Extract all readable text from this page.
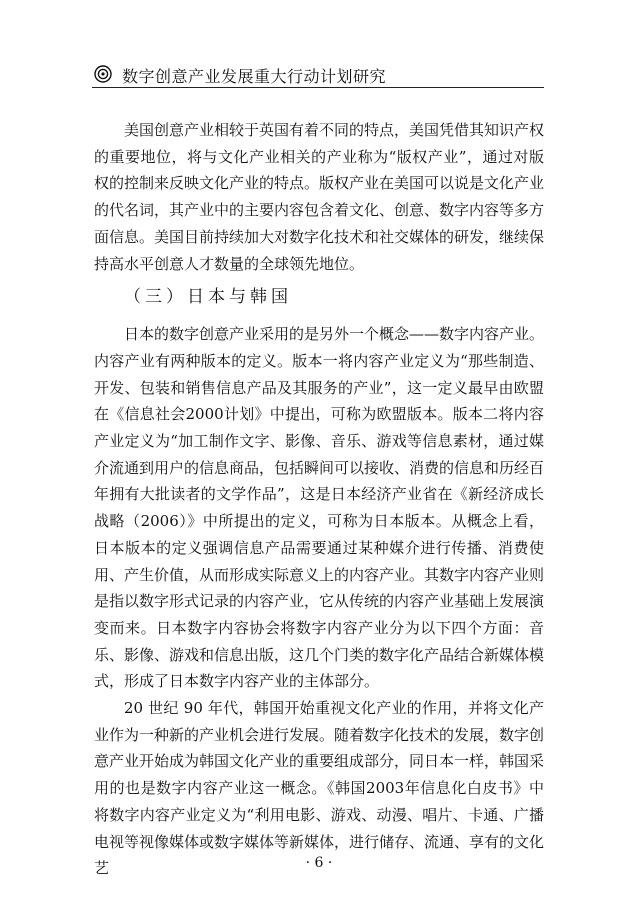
数字创意产业发展重大行动计划研究

美国创意产业相较于英国有着不同的特点，美国凭借其知识产权的重要地位，将与文化产业相关的产业称为“版权产业”，通过对版权的控制来反映文化产业的特点。版权产业在美国可以说是文化产业的代名词，其产业中的主要内容包含着文化、创意、数字内容等多方面信息。美国目前持续加大对数字化技术和社交媒体的研发，继续保持高水平创意人才数量的全球领先地位。

（三）日本与韩国

日本的数字创意产业采用的是另外一个概念——数字内容产业。内容产业有两种版本的定义。版本一将内容产业定义为“那些制造、开发、包装和销售信息产品及其服务的产业”，这一定义最早由欧盟在《信息社会2000计划》中提出，可称为欧盟版本。版本二将内容产业定义为“加工制作文字、影像、音乐、游戏等信息素材，通过媒介流通到用户的信息商品，包括瞬间可以接收、消费的信息和历经百年拥有大批读者的文学作品”，这是日本经济产业省在《新经济成长战略（2006）》中所提出的定义，可称为日本版本。从概念上看，日本版本的定义强调信息产品需要通过某种媒介进行传播、消费使用、产生价值，从而形成实际意义上的内容产业。其数字内容产业则是指以数字形式记录的内容产业，它从传统的内容产业基础上发展演变而来。日本数字内容协会将数字内容产业分为以下四个方面：音乐、影像、游戏和信息出版，这几个门类的数字化产品结合新媒体模式，形成了日本数字内容产业的主体部分。

20 世纪 90 年代，韩国开始重视文化产业的作用，并将文化产业作为一种新的产业机会进行发展。随着数字化技术的发展，数字创意产业开始成为韩国文化产业的重要组成部分，同日本一样，韩国采用的也是数字内容产业这一概念。《韩国2003年信息化白皮书》中将数字内容产业定义为“利用电影、游戏、动漫、唱片、卡通、广播电视等视像媒体或数字媒体等新媒体，进行储存、流通、享有的文化艺	· 6 ·
